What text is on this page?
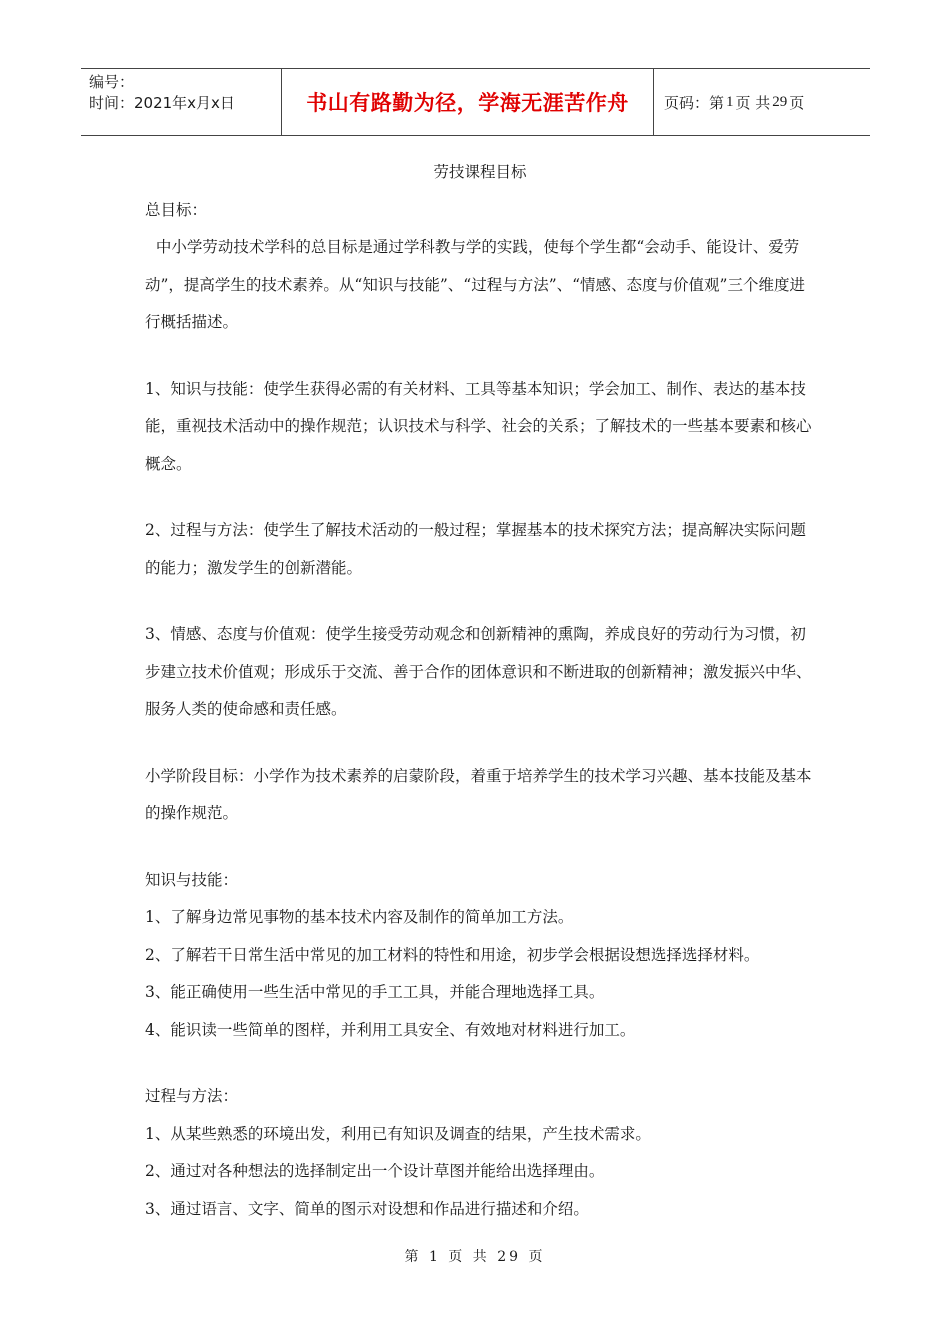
编号：
时间：2021年x月x日	书山有路勤为径，学海无涯苦作舟	页码：第 1 页 共 29 页

劳技课程目标

总目标：

中小学劳动技术学科的总目标是通过学科教与学的实践，使每个学生都“会动手、能设计、爱劳动”，提高学生的技术素养。从“知识与技能”、“过程与方法”、“情感、态度与价值观”三个维度进行概括描述。

1、知识与技能：使学生获得必需的有关材料、工具等基本知识；学会加工、制作、表达的基本技能，重视技术活动中的操作规范；认识技术与科学、社会的关系；了解技术的一些基本要素和核心概念。

2、过程与方法：使学生了解技术活动的一般过程；掌握基本的技术探究方法；提高解决实际问题的能力；激发学生的创新潜能。

3、情感、态度与价值观：使学生接受劳动观念和创新精神的熏陶，养成良好的劳动行为习惯，初步建立技术价值观；形成乐于交流、善于合作的团体意识和不断进取的创新精神；激发振兴中华、服务人类的使命感和责任感。

小学阶段目标：小学作为技术素养的启蒙阶段，着重于培养学生的技术学习兴趣、基本技能及基本的操作规范。

知识与技能：

1、了解身边常见事物的基本技术内容及制作的简单加工方法。

2、了解若干日常生活中常见的加工材料的特性和用途，初步学会根据设想选择选择材料。

3、能正确使用一些生活中常见的手工工具，并能合理地选择工具。

4、能识读一些简单的图样，并利用工具安全、有效地对材料进行加工。

过程与方法：

1、从某些熟悉的环境出发，利用已有知识及调查的结果，产生技术需求。

2、通过对各种想法的选择制定出一个设计草图并能给出选择理由。

3、通过语言、文字、简单的图示对设想和作品进行描述和介绍。

第 1 页 共 29 页
